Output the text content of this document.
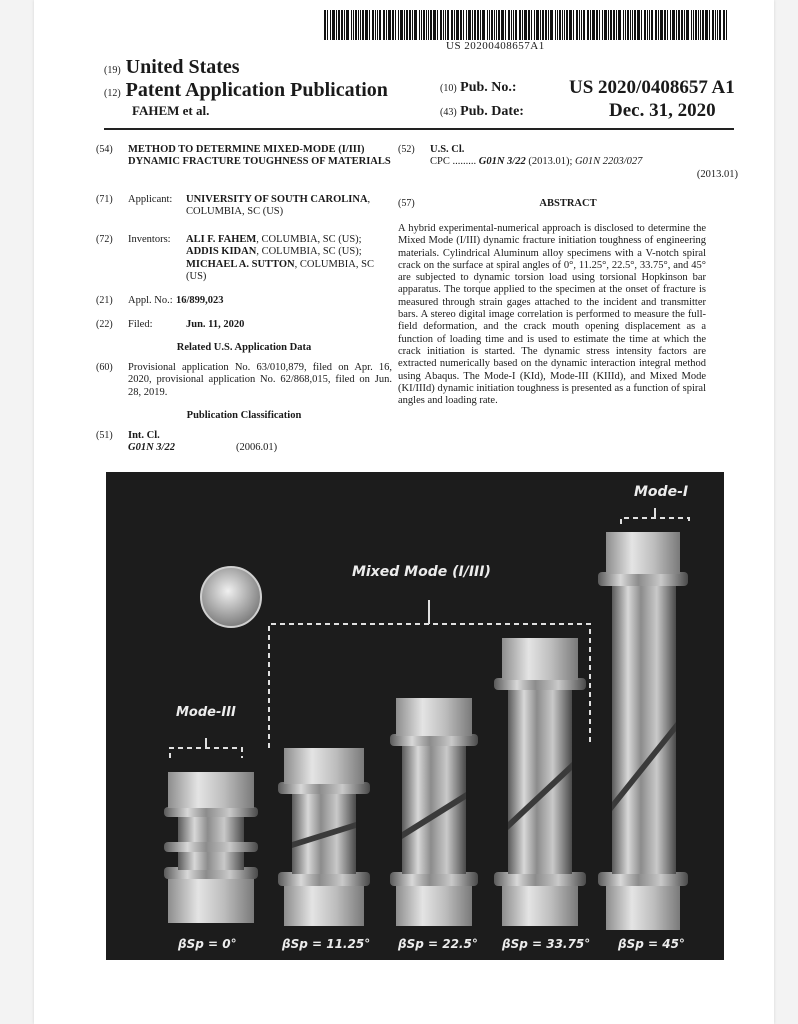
US 20200408657A1
(19) United States
(12) Patent Application Publication
FAHEM et al.
(10) Pub. No.:	US 2020/0408657 A1
(43) Pub. Date:	Dec. 31, 2020
(54)	METHOD TO DETERMINE MIXED-MODE (I/III) DYNAMIC FRACTURE TOUGHNESS OF MATERIALS
(71)	Applicant:	UNIVERSITY OF SOUTH CAROLINA, COLUMBIA, SC (US)
(72)	Inventors:	ALI F. FAHEM, COLUMBIA, SC (US); ADDIS KIDAN, COLUMBIA, SC (US); MICHAEL A. SUTTON, COLUMBIA, SC (US)
(21)	Appl. No.: 16/899,023
(22)	Filed:	Jun. 11, 2020
Related U.S. Application Data
(60)	Provisional application No. 63/010,879, filed on Apr. 16, 2020, provisional application No. 62/868,015, filed on Jun. 28, 2019.
Publication Classification
(51)	Int. Cl.
G01N 3/22	(2006.01)
(52)	U.S. Cl.
CPC ......... G01N 3/22 (2013.01); G01N 2203/027
(2013.01)
(57)	ABSTRACT
A hybrid experimental-numerical approach is disclosed to determine the Mixed Mode (I/III) dynamic fracture initiation toughness of engineering materials. Cylindrical Aluminum alloy specimens with a V-notch spiral crack on the surface at spiral angles of 0°, 11.25°, 22.5°, 33.75°, and 45° are subjected to dynamic torsion load using torsional Hopkinson bar apparatus. The torque applied to the specimen at the onset of fracture is measured through strain gages attached to the incident and transmitter bars. A stereo digital image correlation is performed to measure the full-field deformation, and the crack mouth opening displacement as a function of loading time and is used to estimate the time at which the crack initiation is started. The dynamic stress intensity factors are extracted numerically based on the dynamic interaction integral method using Abaqus. The Mode-I (KId), Mode-III (KIIId), and Mixed Mode (KI/IIId) dynamic initiation toughness is presented as a function of spiral angles and loading rate.
Mode-I
Mixed Mode (I/III)
Mode-III
βSp = 0°	βSp = 11.25° βSp = 22.5° βSp = 33.75° βSp = 45°
